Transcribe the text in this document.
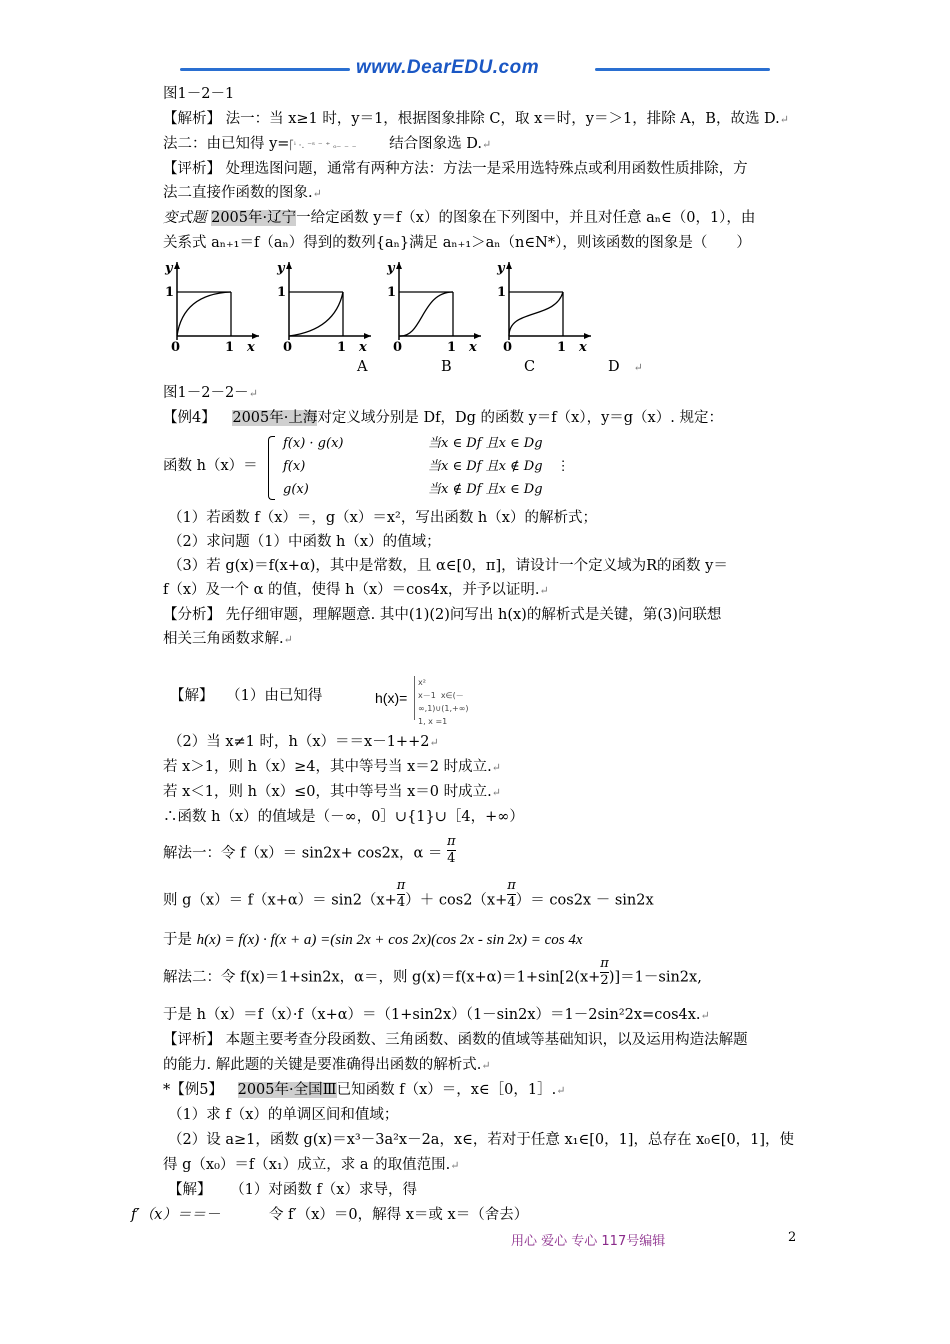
www.DearEDU.com
图1－2－1
【解析】 法一：当 x≥1 时，y＝1，根据图象排除 C，取 x＝时，y＝＞1，排除 A，B，故选 D.↵
法二：由已知得 y=⎡ⁱ ·. ⁻ˢ ⁻ ⁺ ₒ₋ ₋ ₋ 结合图象选 D.↵
【评析】 处理选图问题，通常有两种方法：方法一是采用选特殊点或利用函数性质排除，方
法二直接作函数的图象.↵
变式题 2005年·辽宁一给定函数 y＝f（x）的图象在下列图中，并且对任意 aₙ∈（0，1），由
关系式 aₙ₊₁＝f（aₙ）得到的数列{aₙ}满足 aₙ₊₁＞aₙ（n∈N*），则该函数的图象是（　　）
y
1
0	1 x
y
1
0	1 x
y
1
0	1 x
y
1
0	1 x
A	B	C	D ↵
图1－2－2－↵
【例4】 2005年·上海对定义域分别是 Df，Dg 的函数 y＝f（x），y＝g（x）. 规定：
函数 h（x）＝
f(x) · g(x)	当x ∈ Df 且x ∈ Dg
f(x)	当x ∈ Df 且x ∉ Dg ⋮
g(x)	当x ∉ Df 且x ∈ Dg
（1）若函数 f（x）＝，g（x）＝x²，写出函数 h（x）的解析式；
（2）求问题（1）中函数 h（x）的值域；
（3）若 g(x)＝f(x+α)，其中是常数，且 α∈[0，π]，请设计一个定义域为R的函数 y＝
f（x）及一个 α 的值，使得 h（x）＝cos4x，并予以证明.↵
【分析】 先仔细审题，理解题意. 其中(1)(2)问写出 h(x)的解析式是关键，第(3)问联想
相关三角函数求解.↵
【解】 （1）由已知得	h(x)=
x²
x－1  x∈(－∞,1)∪(1,+∞)
1, x =1
（2）当 x≠1 时，h（x）＝＝x－1++2↵
若 x＞1，则 h（x）≥4，其中等号当 x＝2 时成立.↵
若 x＜1，则 h（x）≤0，其中等号当 x＝0 时成立.↵
∴函数 h（x）的值域是（－∞，0］∪{1}∪［4，+∞）
解法一：令 f（x）＝ sin2x+ cos2x，$\alpha = \frac{\pi}{4}$
则 $g(x)= f(x+\alpha)= \sin 2(x+ \frac{\pi}{4}$ ）＋ $\cos 2(x+ \frac{\pi}{4}$ ）＝ cos2x － sin2x
于是 h(x) = f(x) · f(x + a) =(sin 2x + cos 2x)(cos 2x - sin 2x) = cos 4x
解法二：令 f(x)＝1+sin2x，α＝，则 $g(x)=f(x+\alpha)=1+\sin[2(x+ \frac{\pi}{2} )]=1-\sin 2x$,
于是 h（x）＝f（x）·f（x+α）＝（1+sin2x）（1－sin2x）＝1－2sin²2x=cos4x.↵
【评析】 本题主要考查分段函数、三角函数、函数的值域等基础知识，以及运用构造法解题
的能力. 解此题的关键是要准确得出函数的解析式.↵
*【例5】 2005年·全国Ⅲ已知函数 f（x）＝，x∈［0，1］.↵
（1）求 f（x）的单调区间和值域；
（2）设 a≥1，函数 g(x)＝x³－3a²x－2a，x∈，若对于任意 x₁∈[0，1]，总存在 x₀∈[0，1]，使
得 g（x₀）＝f（x₁）成立，求 a 的取值范围.↵
【解】 （1）对函数 f（x）求导，得
f′（x）＝＝－	令 f′（x）＝0，解得 x＝或 x＝（舍去）
用心 爱心 专心 117号编辑	2
